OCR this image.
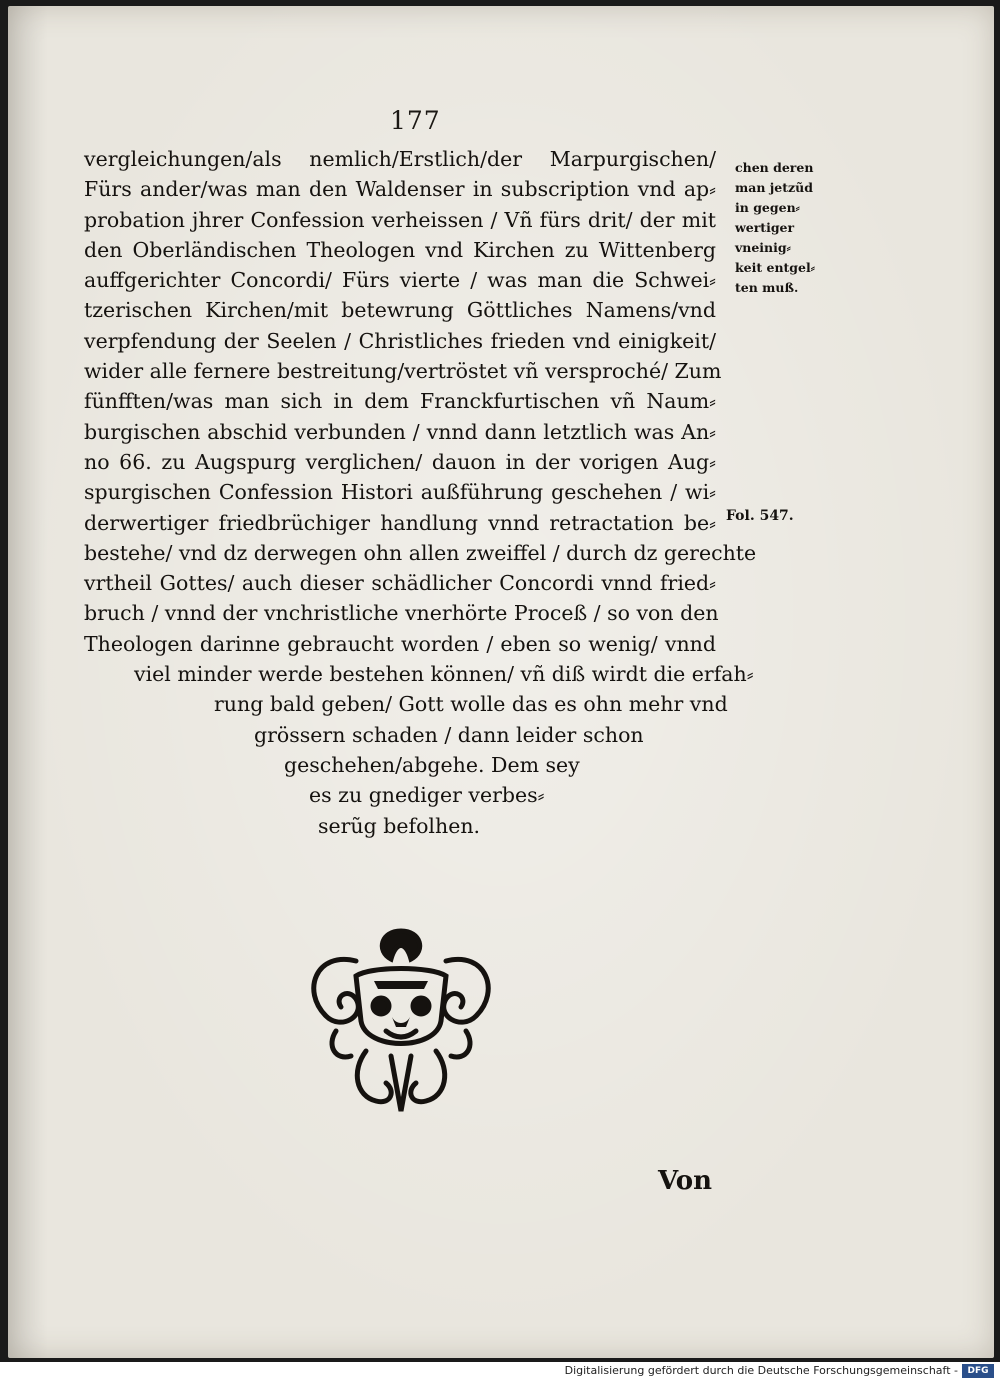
177
vergleichungen/als nemlich/Erstlich/der Marpurgischen/
Fürs ander/was man den Waldenser in subscription vnd ap⸗
probation jhrer Confession verheissen / Vñ fürs drit/ der mit
den Oberländischen Theologen vnd Kirchen zu Wittenberg
auffgerichter Concordi/ Fürs vierte / was man die Schwei⸗
tzerischen Kirchen/mit betewrung Göttliches Namens/vnd
verpfendung der Seelen / Christliches frieden vnd einigkeit/
wider alle fernere bestreitung/vertröstet vñ versproché/ Zum
fünfften/was man sich in dem Franckfurtischen vñ Naum⸗
burgischen abschid verbunden / vnnd dann letztlich was An⸗
no 66. zu Augspurg verglichen/ dauon in der vorigen Aug⸗
spurgischen Confession Histori außführung geschehen / wi⸗
derwertiger friedbrüchiger handlung vnnd retractation be⸗
bestehe/ vnd dz derwegen ohn allen zweiffel / durch dz gerechte
vrtheil Gottes/ auch dieser schädlicher Concordi vnnd fried⸗
bruch / vnnd der vnchristliche vnerhörte Proceß / so von den
Theologen darinne gebraucht worden / eben so wenig/ vnnd
viel minder werde bestehen können/ vñ diß wirdt die erfah⸗
rung bald geben/ Gott wolle das es ohn mehr vnd
grössern schaden / dann leider schon
geschehen/abgehe. Dem sey
es zu gnediger verbes⸗
serũg befolhen.
chen deren
man jetzũd
in gegen⸗
wertiger
vneinig⸗
keit entgel⸗
ten muß.
Fol. 547.
Von
Digitalisierung gefördert durch die Deutsche Forschungsgemeinschaft -	DFG
